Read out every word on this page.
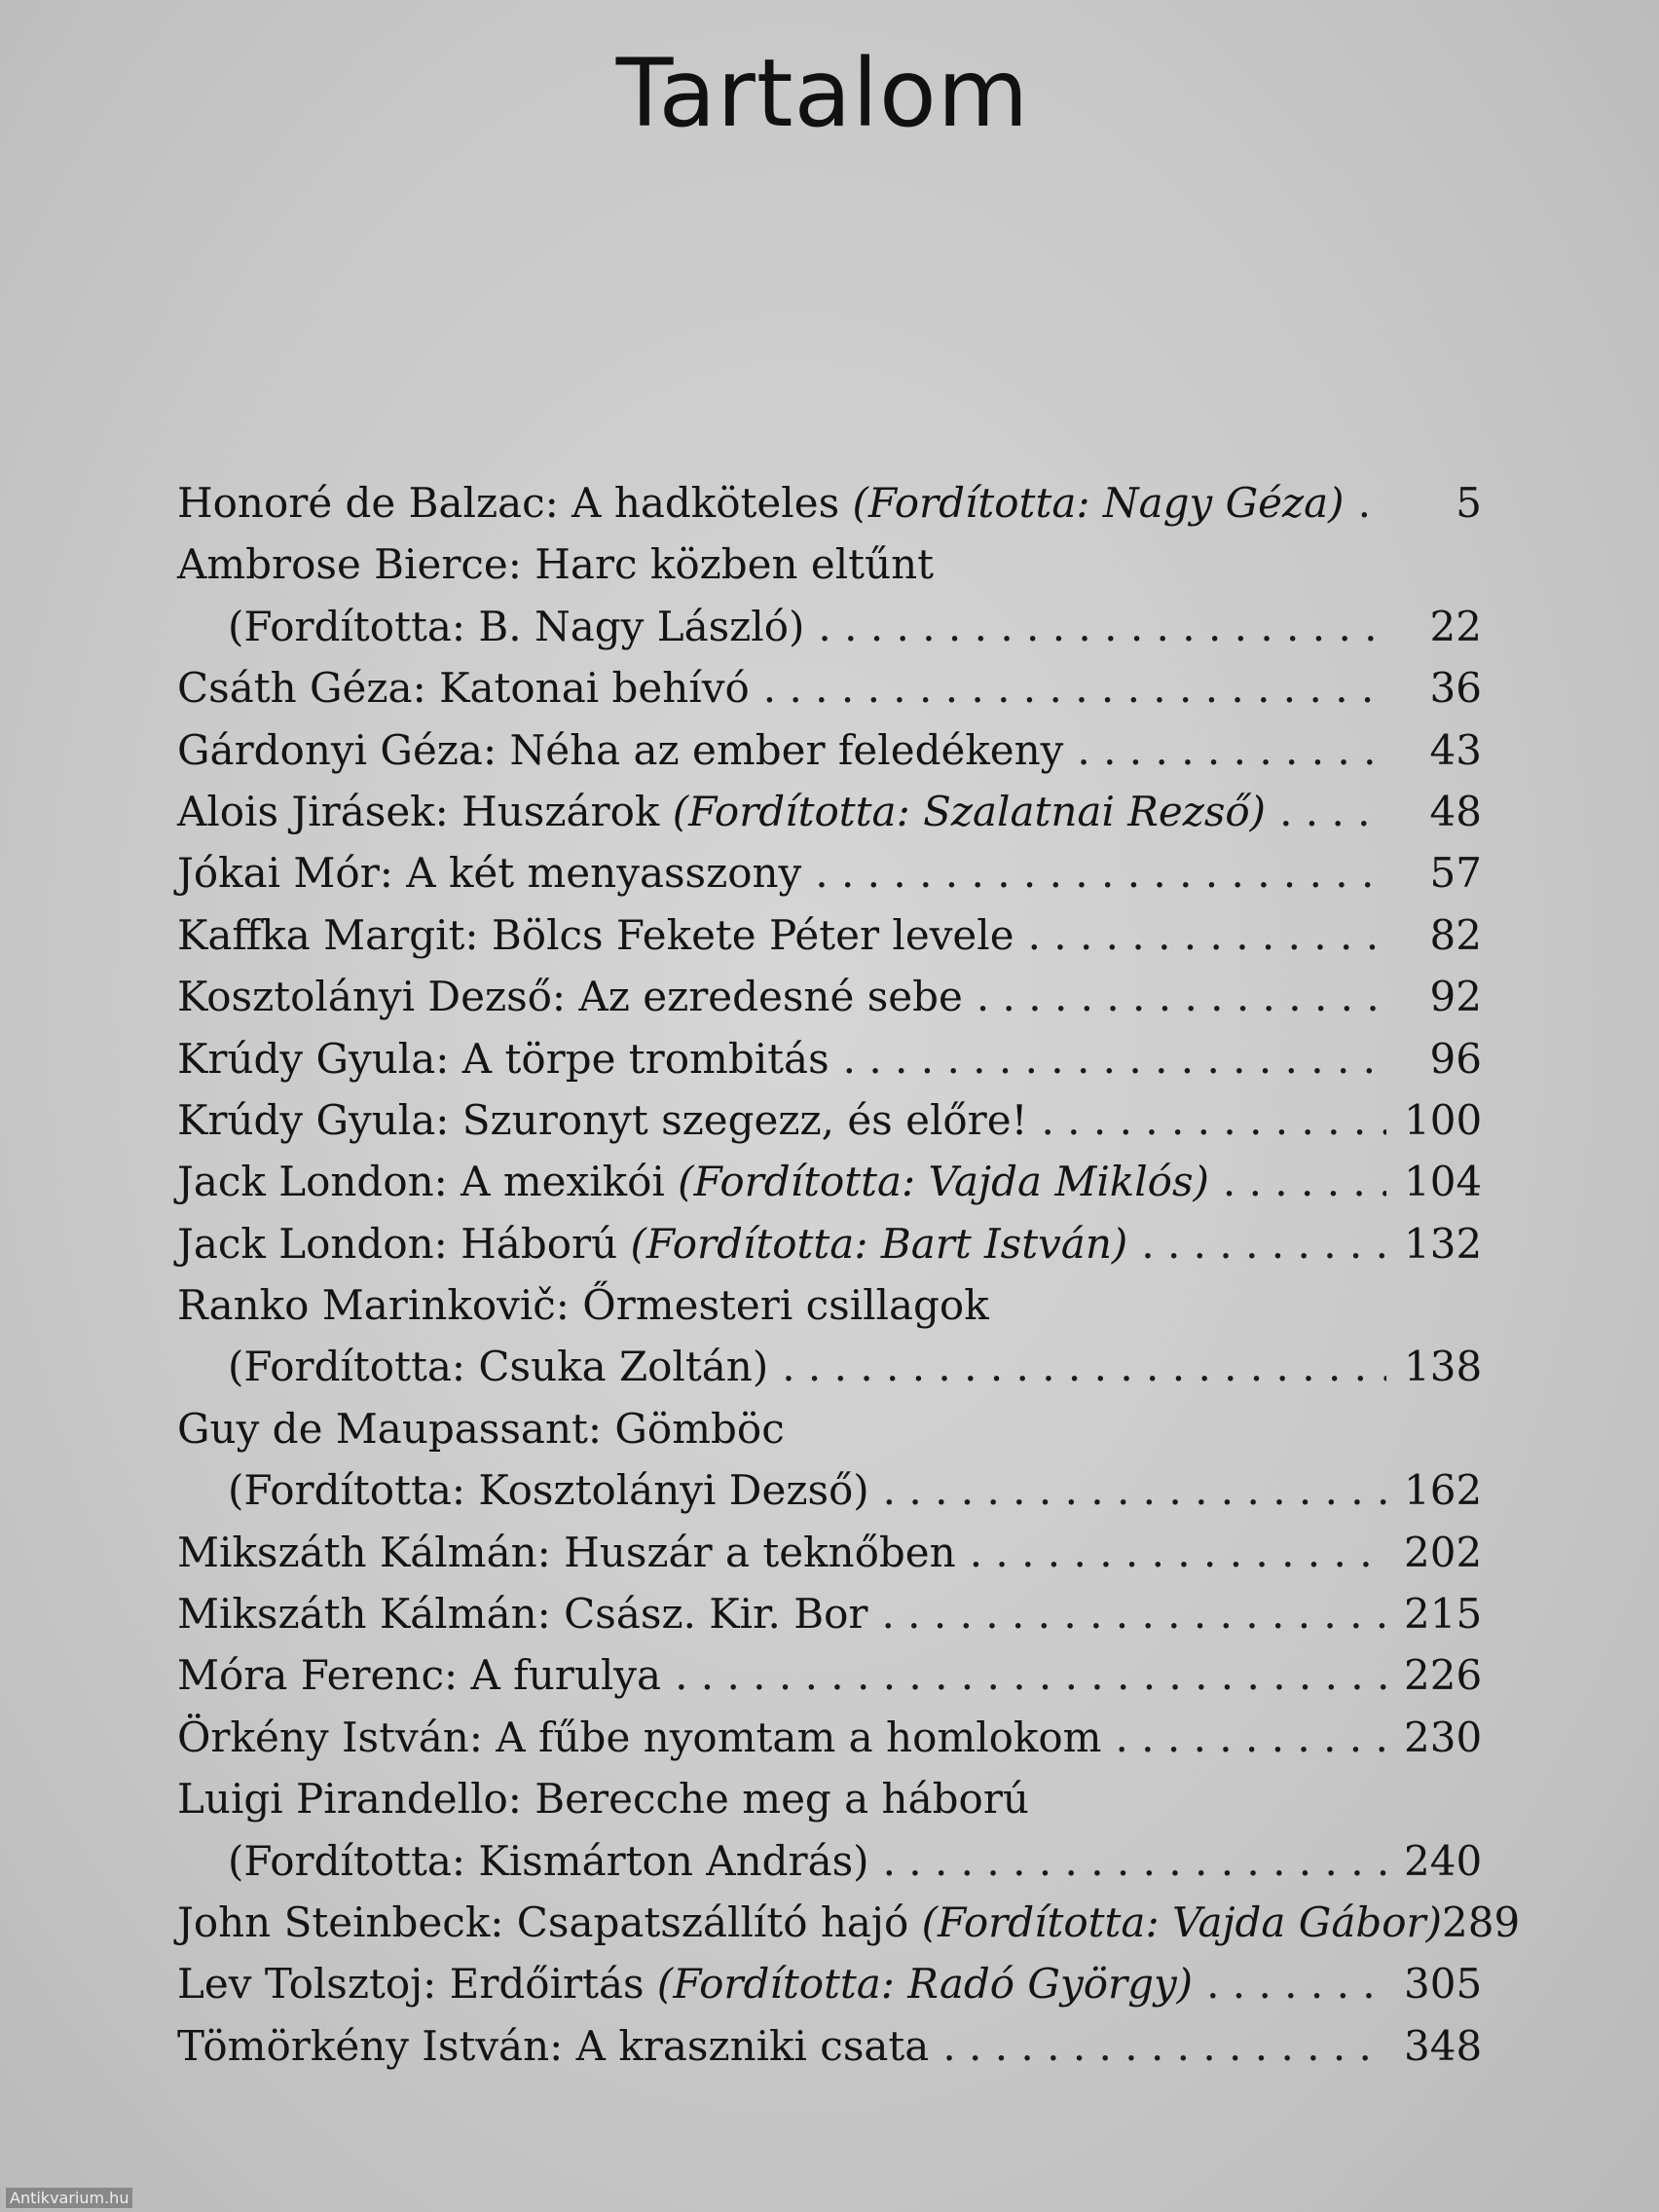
Tartalom
Honoré de Balzac: A hadköteles (Fordította: Nagy Géza) . . .	5
Ambrose Bierce: Harc közben eltűnt
(Fordította: B. Nagy László) . . .	22
Csáth Géza: Katonai behívó . . .	36
Gárdonyi Géza: Néha az ember feledékeny . . .	43
Alois Jirásek: Huszárok (Fordította: Szalatnai Rezső) . . .	48
Jókai Mór: A két menyasszony . . .	57
Kaffka Margit: Bölcs Fekete Péter levele . . .	82
Kosztolányi Dezső: Az ezredesné sebe . . .	92
Krúdy Gyula: A törpe trombitás . . .	96
Krúdy Gyula: Szuronyt szegezz, és előre! . . .	100
Jack London: A mexikói (Fordította: Vajda Miklós) . . .	104
Jack London: Háború (Fordította: Bart István) . . .	132
Ranko Marinkovič: Őrmesteri csillagok
(Fordította: Csuka Zoltán) . . .	138
Guy de Maupassant: Gömböc
(Fordította: Kosztolányi Dezső) . . .	162
Mikszáth Kálmán: Huszár a teknőben . . .	202
Mikszáth Kálmán: Csász. Kir. Bor . . .	215
Móra Ferenc: A furulya . . .	226
Örkény István: A fűbe nyomtam a homlokom . . .	230
Luigi Pirandello: Berecche meg a háború
(Fordította: Kismárton András) . . .	240
John Steinbeck: Csapatszállító hajó (Fordította: Vajda Gábor) 289
Lev Tolsztoj: Erdőirtás (Fordította: Radó György) . . .	305
Tömörkény István: A kraszniki csata . . .	348
Antikvarium.hu
